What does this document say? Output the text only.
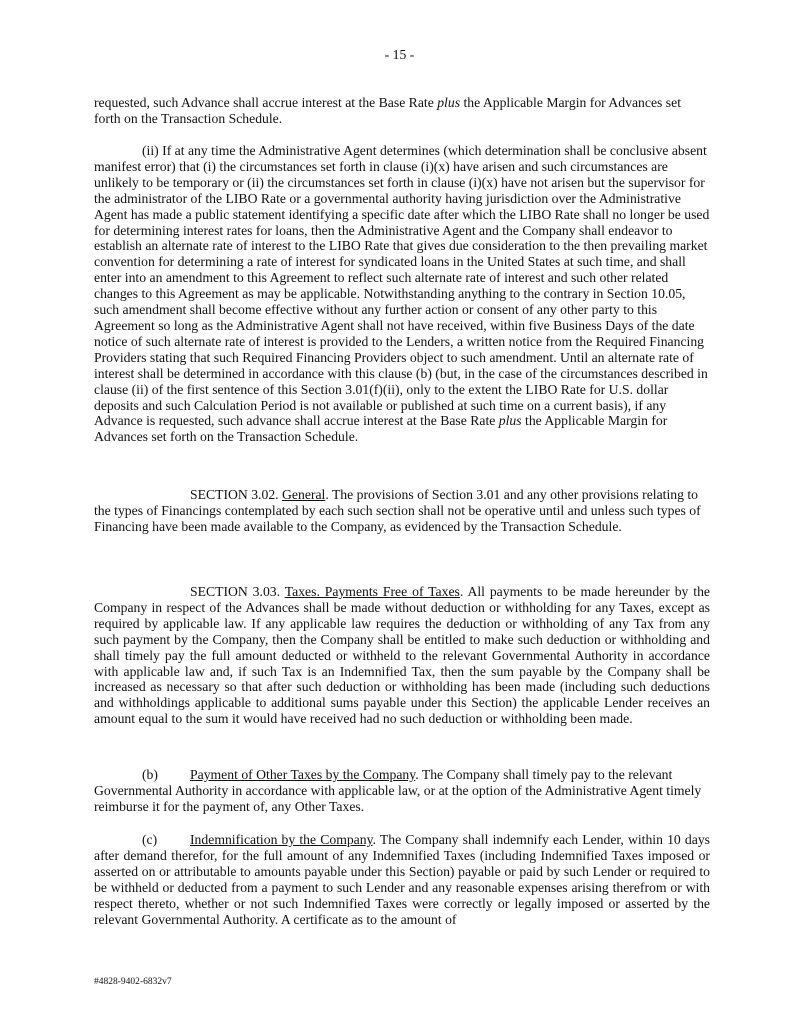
- 15 -

requested, such Advance shall accrue interest at the Base Rate plus the Applicable Margin for Advances set forth on the Transaction Schedule.

(ii) If at any time the Administrative Agent determines (which determination shall be conclusive absent manifest error) that (i) the circumstances set forth in clause (i)(x) have arisen and such circumstances are unlikely to be temporary or (ii) the circumstances set forth in clause (i)(x) have not arisen but the supervisor for the administrator of the LIBO Rate or a governmental authority having jurisdiction over the Administrative Agent has made a public statement identifying a specific date after which the LIBO Rate shall no longer be used for determining interest rates for loans, then the Administrative Agent and the Company shall endeavor to establish an alternate rate of interest to the LIBO Rate that gives due consideration to the then prevailing market convention for determining a rate of interest for syndicated loans in the United States at such time, and shall enter into an amendment to this Agreement to reflect such alternate rate of interest and such other related changes to this Agreement as may be applicable. Notwithstanding anything to the contrary in Section 10.05, such amendment shall become effective without any further action or consent of any other party to this Agreement so long as the Administrative Agent shall not have received, within five Business Days of the date notice of such alternate rate of interest is provided to the Lenders, a written notice from the Required Financing Providers stating that such Required Financing Providers object to such amendment. Until an alternate rate of interest shall be determined in accordance with this clause (b) (but, in the case of the circumstances described in clause (ii) of the first sentence of this Section 3.01(f)(ii), only to the extent the LIBO Rate for U.S. dollar deposits and such Calculation Period is not available or published at such time on a current basis), if any Advance is requested, such advance shall accrue interest at the Base Rate plus the Applicable Margin for Advances set forth on the Transaction Schedule.

SECTION 3.02. General. The provisions of Section 3.01 and any other provisions relating to the types of Financings contemplated by each such section shall not be operative until and unless such types of Financing have been made available to the Company, as evidenced by the Transaction Schedule.

SECTION 3.03. Taxes. Payments Free of Taxes. All payments to be made hereunder by the Company in respect of the Advances shall be made without deduction or withholding for any Taxes, except as required by applicable law. If any applicable law requires the deduction or withholding of any Tax from any such payment by the Company, then the Company shall be entitled to make such deduction or withholding and shall timely pay the full amount deducted or withheld to the relevant Governmental Authority in accordance with applicable law and, if such Tax is an Indemnified Tax, then the sum payable by the Company shall be increased as necessary so that after such deduction or withholding has been made (including such deductions and withholdings applicable to additional sums payable under this Section) the applicable Lender receives an amount equal to the sum it would have received had no such deduction or withholding been made.

(b) Payment of Other Taxes by the Company. The Company shall timely pay to the relevant Governmental Authority in accordance with applicable law, or at the option of the Administrative Agent timely reimburse it for the payment of, any Other Taxes.

(c) Indemnification by the Company. The Company shall indemnify each Lender, within 10 days after demand therefor, for the full amount of any Indemnified Taxes (including Indemnified Taxes imposed or asserted on or attributable to amounts payable under this Section) payable or paid by such Lender or required to be withheld or deducted from a payment to such Lender and any reasonable expenses arising therefrom or with respect thereto, whether or not such Indemnified Taxes were correctly or legally imposed or asserted by the relevant Governmental Authority. A certificate as to the amount of

#4828-9402-6832v7
